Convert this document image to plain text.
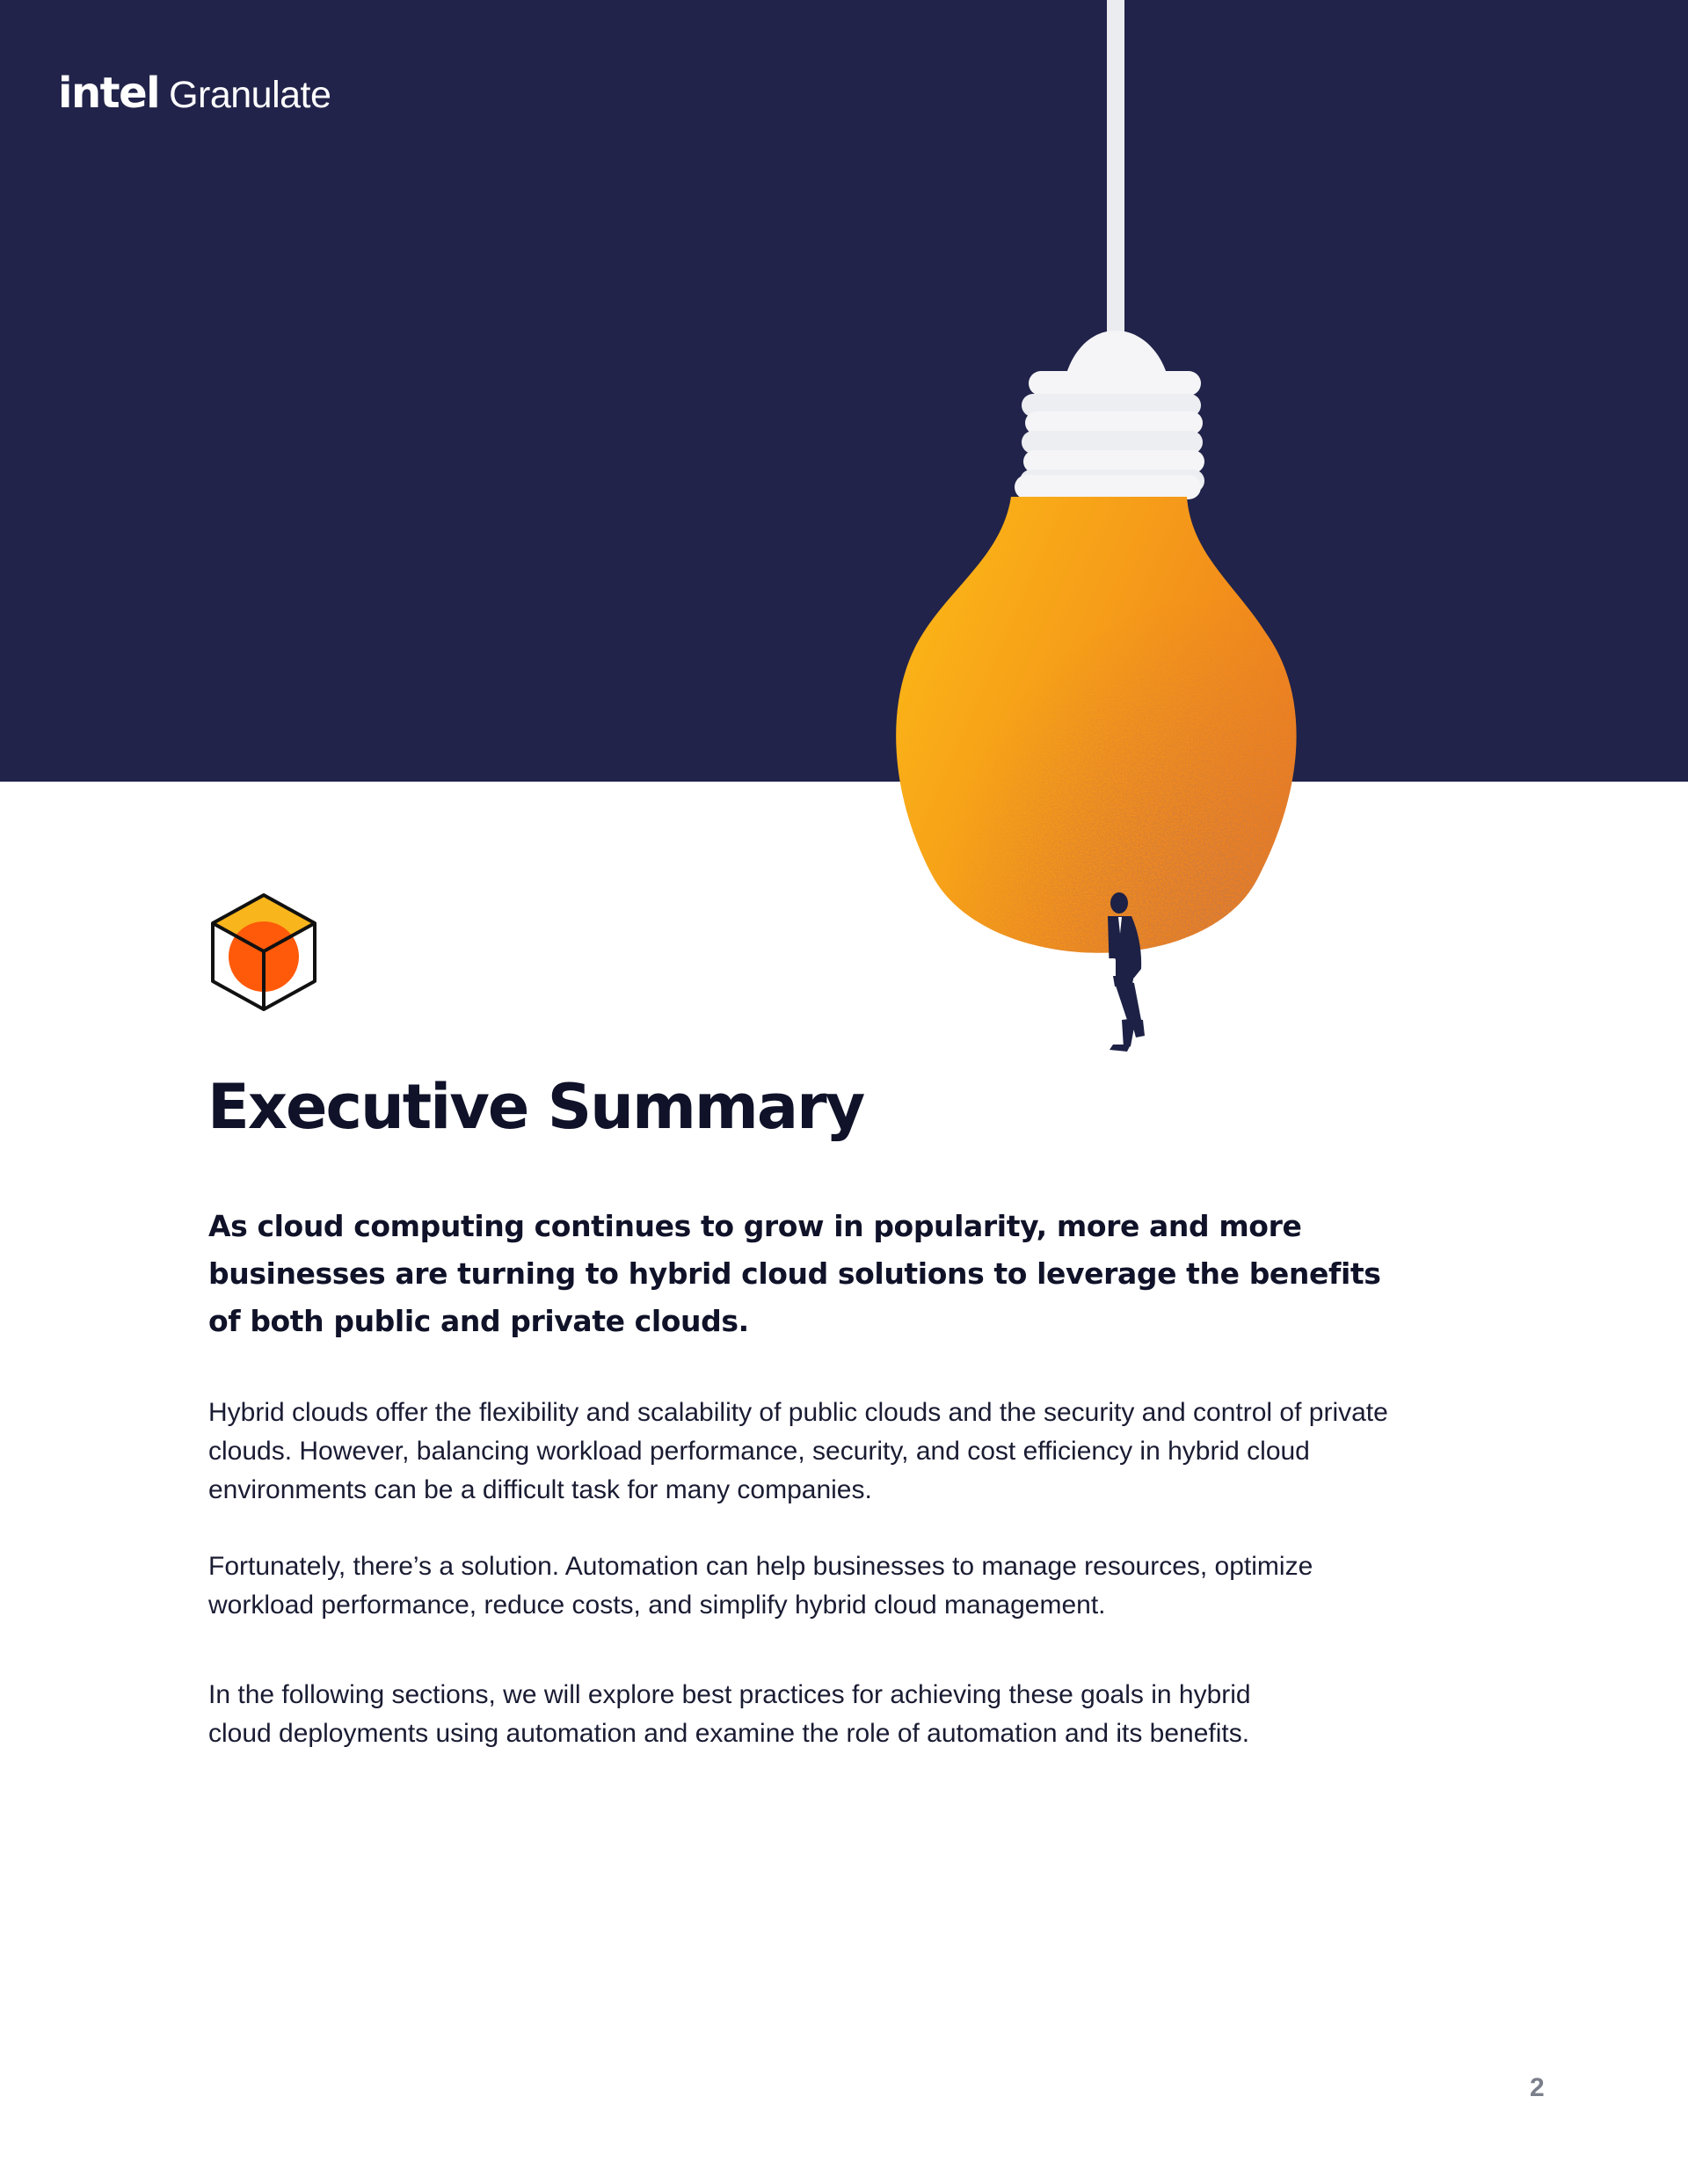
intel Granulate
Executive Summary

As cloud computing continues to grow in popularity, more and more businesses are turning to hybrid cloud solutions to leverage the benefits of both public and private clouds.

Hybrid clouds offer the flexibility and scalability of public clouds and the security and control of private clouds. However, balancing workload performance, security, and cost efficiency in hybrid cloud environments can be a difficult task for many companies.

Fortunately, there’s a solution. Automation can help businesses to manage resources, optimize workload performance, reduce costs, and simplify hybrid cloud management.

In the following sections, we will explore best practices for achieving these goals in hybrid cloud deployments using automation and examine the role of automation and its benefits.

2
